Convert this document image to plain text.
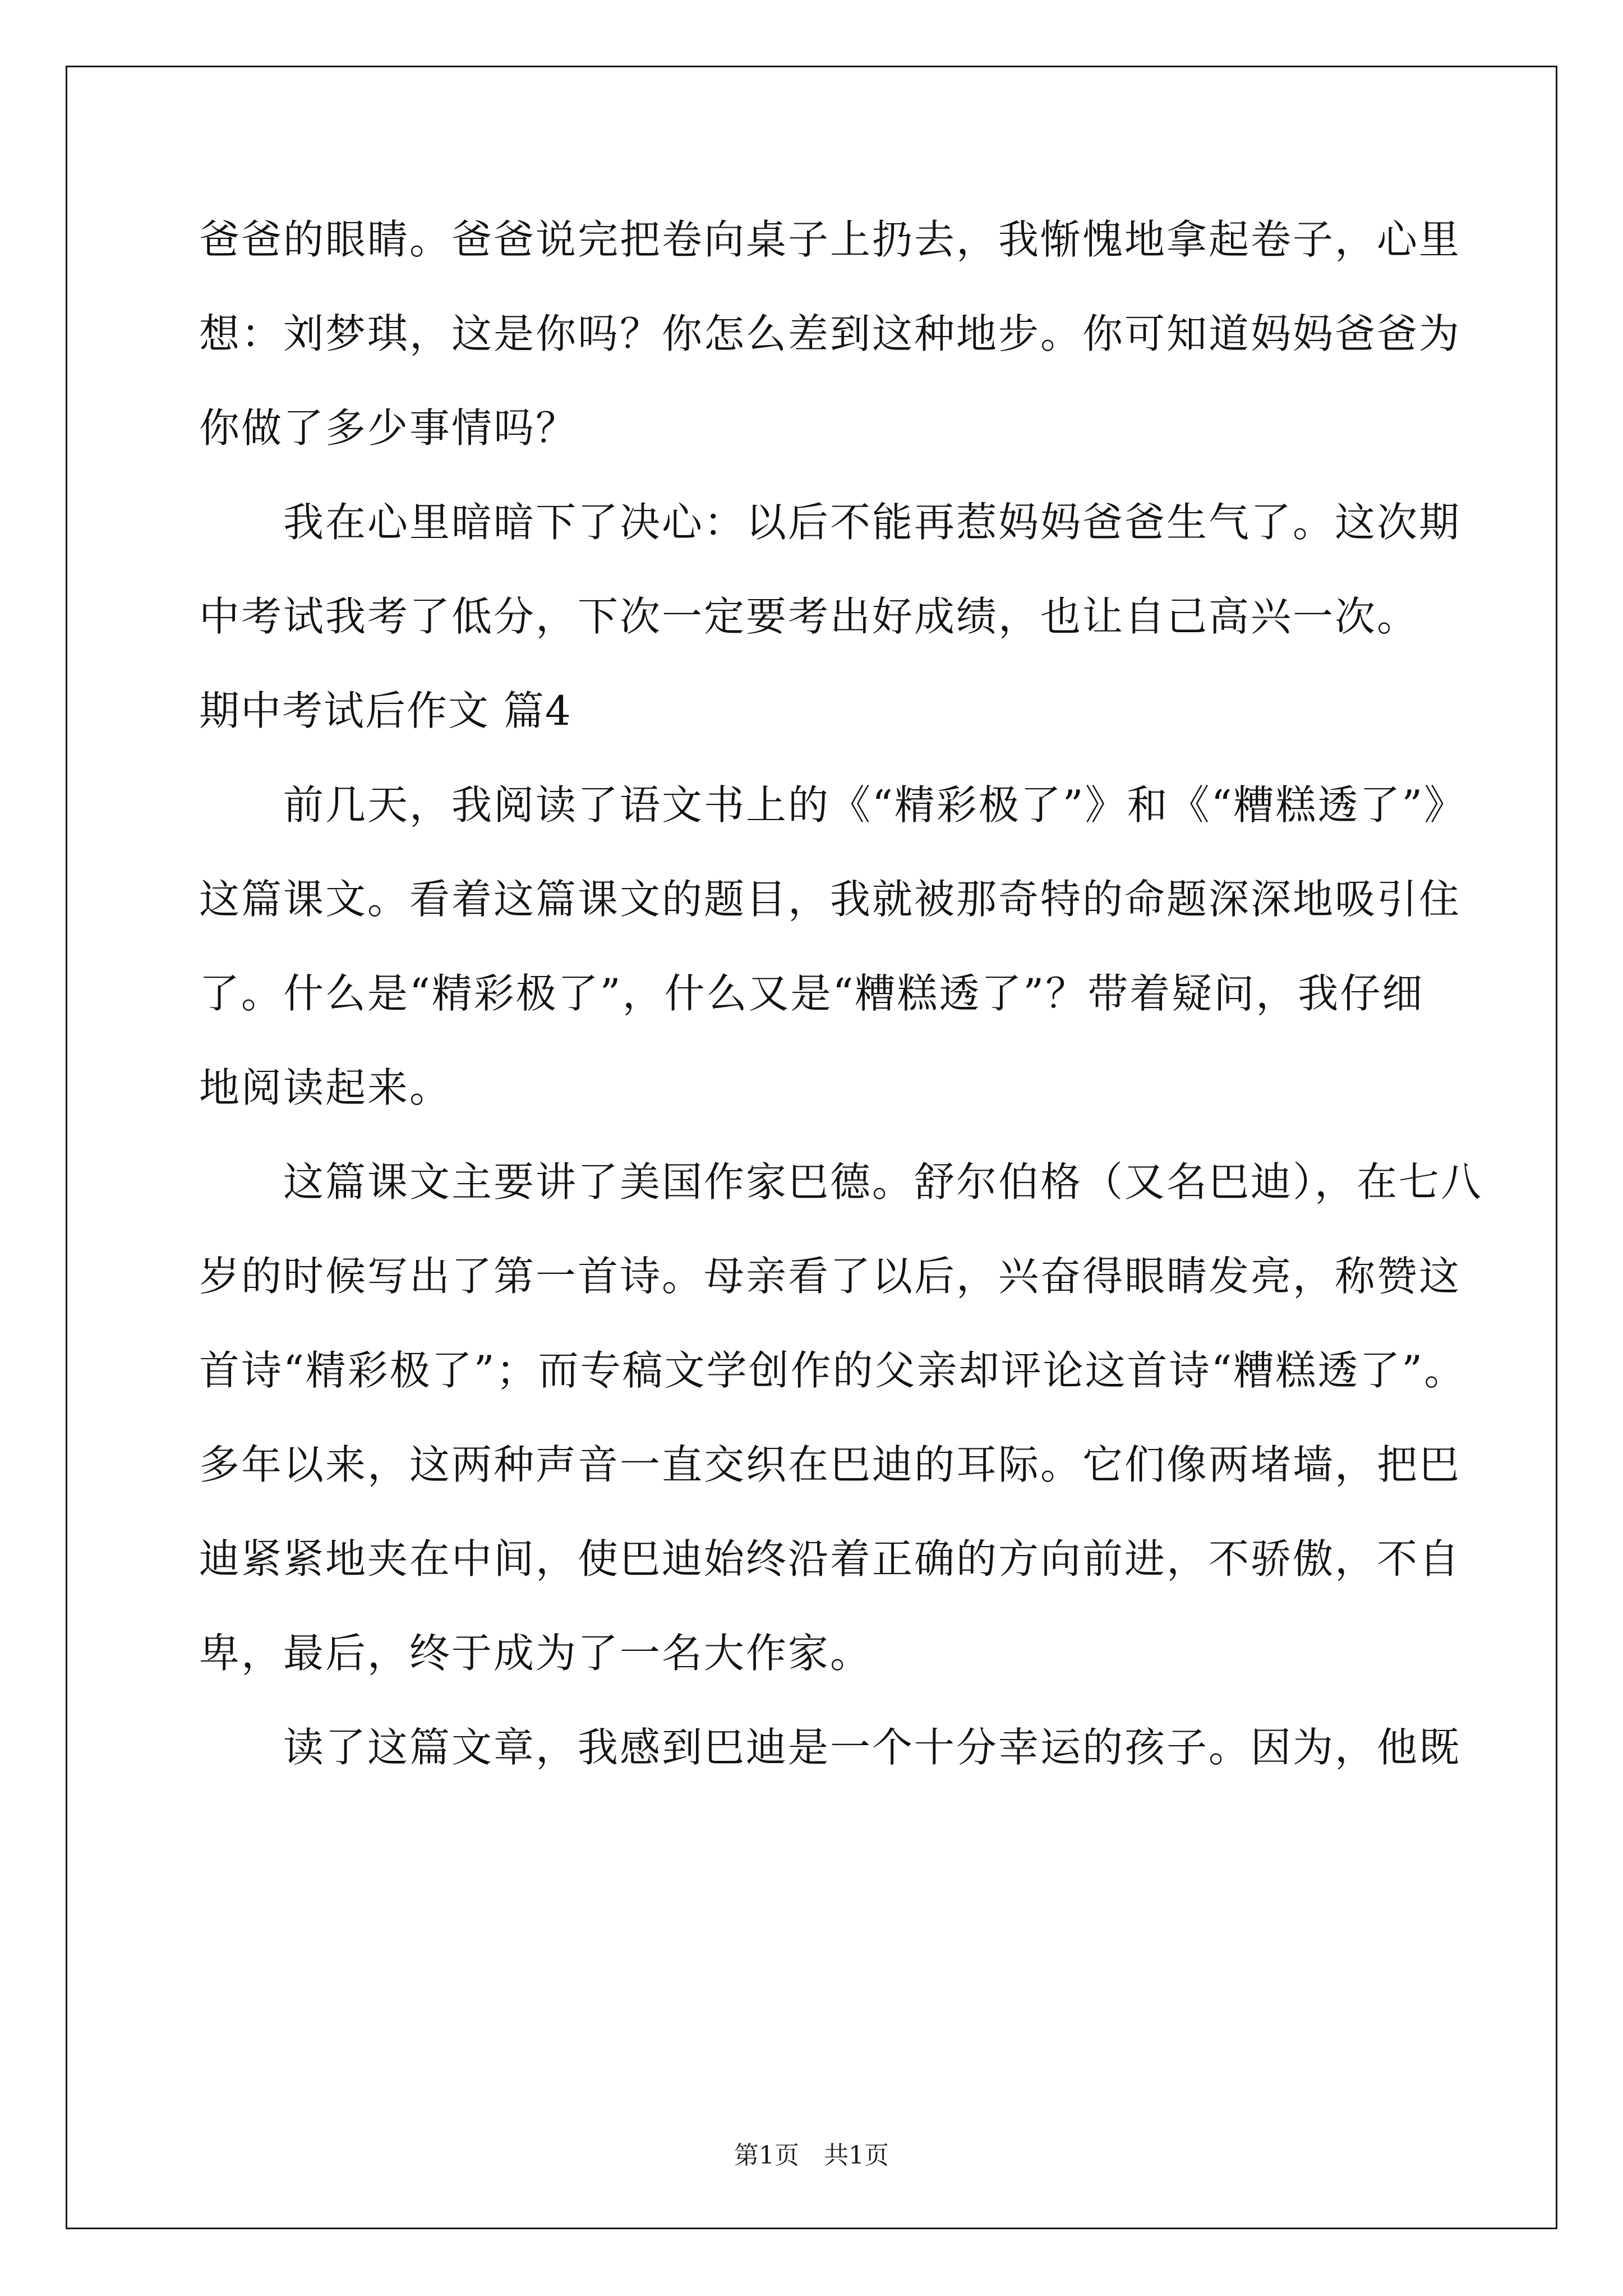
爸爸的眼睛。爸爸说完把卷向桌子上扔去，我惭愧地拿起卷子，心里

想：刘梦琪，这是你吗？你怎么差到这种地步。你可知道妈妈爸爸为

你做了多少事情吗？

我在心里暗暗下了决心：以后不能再惹妈妈爸爸生气了。这次期

中考试我考了低分，下次一定要考出好成绩，也让自己高兴一次。

期中考试后作文 篇4

前几天，我阅读了语文书上的《“精彩极了”》和《“糟糕透了”》

这篇课文。看着这篇课文的题目，我就被那奇特的命题深深地吸引住

了。什么是“精彩极了”，什么又是“糟糕透了”？带着疑问，我仔细

地阅读起来。

这篇课文主要讲了美国作家巴德。舒尔伯格（又名巴迪），在七八

岁的时候写出了第一首诗。母亲看了以后，兴奋得眼睛发亮，称赞这

首诗“精彩极了”；而专稿文学创作的父亲却评论这首诗“糟糕透了”。

多年以来，这两种声音一直交织在巴迪的耳际。它们像两堵墙，把巴

迪紧紧地夹在中间，使巴迪始终沿着正确的方向前进，不骄傲，不自

卑，最后，终于成为了一名大作家。

读了这篇文章，我感到巴迪是一个十分幸运的孩子。因为，他既

第1页　共1页
